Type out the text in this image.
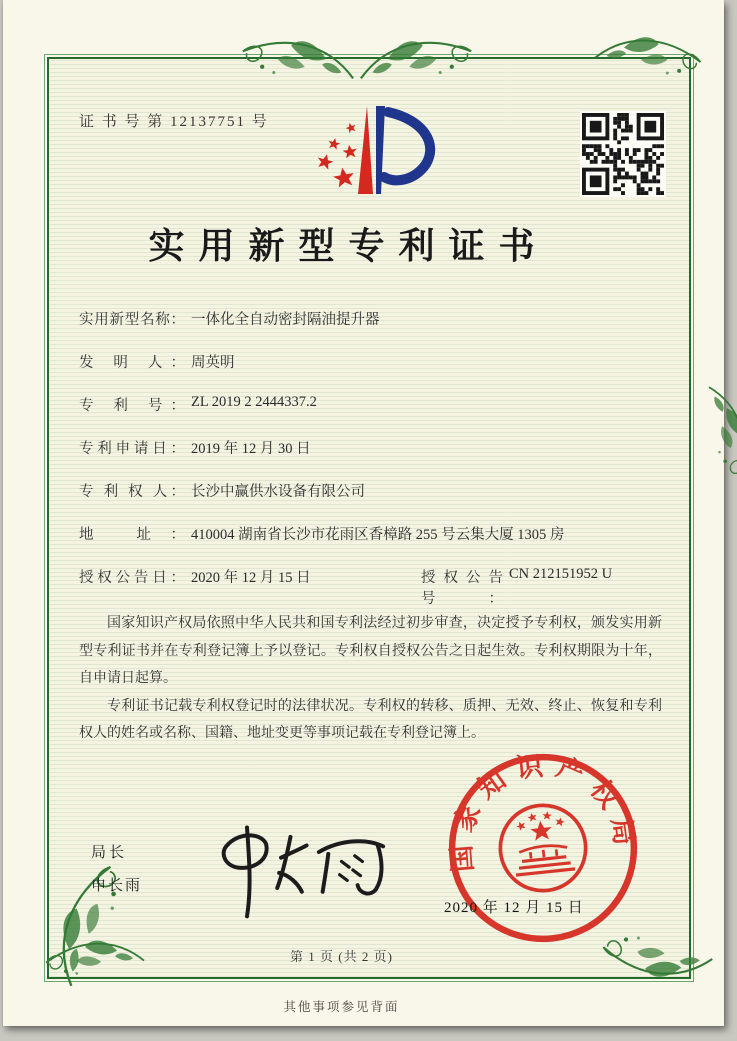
证 书 号 第 12137751 号
实用新型专利证书
实用新型名称： 一体化全自动密封隔油提升器
发 明 人： 周英明
专 利 号： ZL 2019 2 2444337.2
专利申请日： 2019 年 12 月 30 日
专 利 权 人： 长沙中赢供水设备有限公司
地 址： 410004 湖南省长沙市花雨区香樟路 255 号云集大厦 1305 房
授权公告日： 2020 年 12 月 15 日	授权公告号：CN 212151952 U

国家知识产权局依照中华人民共和国专利法经过初步审查，决定授予专利权，颁发实用新型专利证书并在专利登记簿上予以登记。专利权自授权公告之日起生效。专利权期限为十年，自申请日起算。

专利证书记载专利权登记时的法律状况。专利权的转移、质押、无效、终止、恢复和专利权人的姓名或名称、国籍、地址变更等事项记载在专利登记簿上。

局长
申长雨
国家知识产权局
2020 年 12 月 15 日
第 1 页 (共 2 页)
其他事项参见背面
